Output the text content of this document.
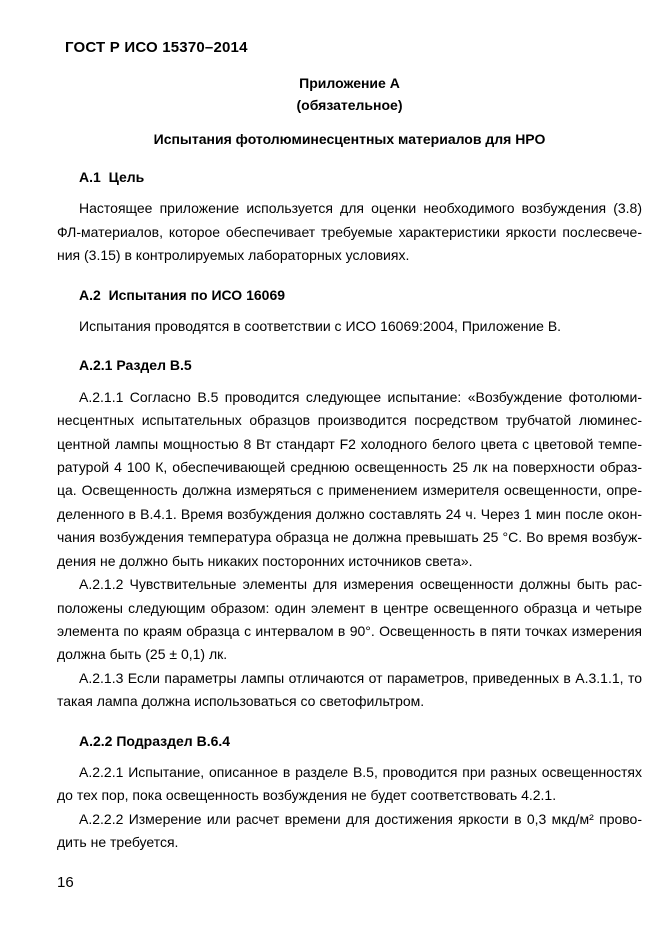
ГОСТ Р ИСО 15370–2014
Приложение А
(обязательное)
Испытания фотолюминесцентных материалов для НРО
А.1  Цель
Настоящее приложение используется для оценки необходимого возбуждения (3.8)
ФЛ-материалов, которое обеспечивает требуемые характеристики яркости послесвече-
ния (3.15) в контролируемых лабораторных условиях.
А.2  Испытания по ИСО 16069
Испытания проводятся в соответствии с ИСО 16069:2004, Приложение В.
А.2.1 Раздел В.5
А.2.1.1 Согласно В.5 проводится следующее испытание: «Возбуждение фотолюми-
несцентных испытательных образцов производится посредством трубчатой люминес-
центной лампы мощностью 8 Вт стандарт F2 холодного белого цвета с цветовой темпе-
ратурой 4 100 К, обеспечивающей среднюю освещенность 25 лк на поверхности образ-
ца. Освещенность должна измеряться с применением измерителя освещенности, опре-
деленного в В.4.1. Время возбуждения должно составлять 24 ч. Через 1 мин после окон-
чания возбуждения температура образца не должна превышать 25 °С. Во время возбуж-
дения не должно быть никаких посторонних источников света».
А.2.1.2 Чувствительные элементы для измерения освещенности должны быть рас-
положены следующим образом: один элемент в центре освещенного образца и четыре
элемента по краям образца с интервалом в 90°. Освещенность в пяти точках измерения
должна быть (25 ± 0,1) лк.
А.2.1.3 Если параметры лампы отличаются от параметров, приведенных в А.3.1.1, то
такая лампа должна использоваться со светофильтром.
А.2.2 Подраздел В.6.4
А.2.2.1 Испытание, описанное в разделе В.5, проводится при разных освещенностях
до тех пор, пока освещенность возбуждения не будет соответствовать 4.2.1.
А.2.2.2 Измерение или расчет времени для достижения яркости в 0,3 мкд/м² прово-
дить не требуется.
16
